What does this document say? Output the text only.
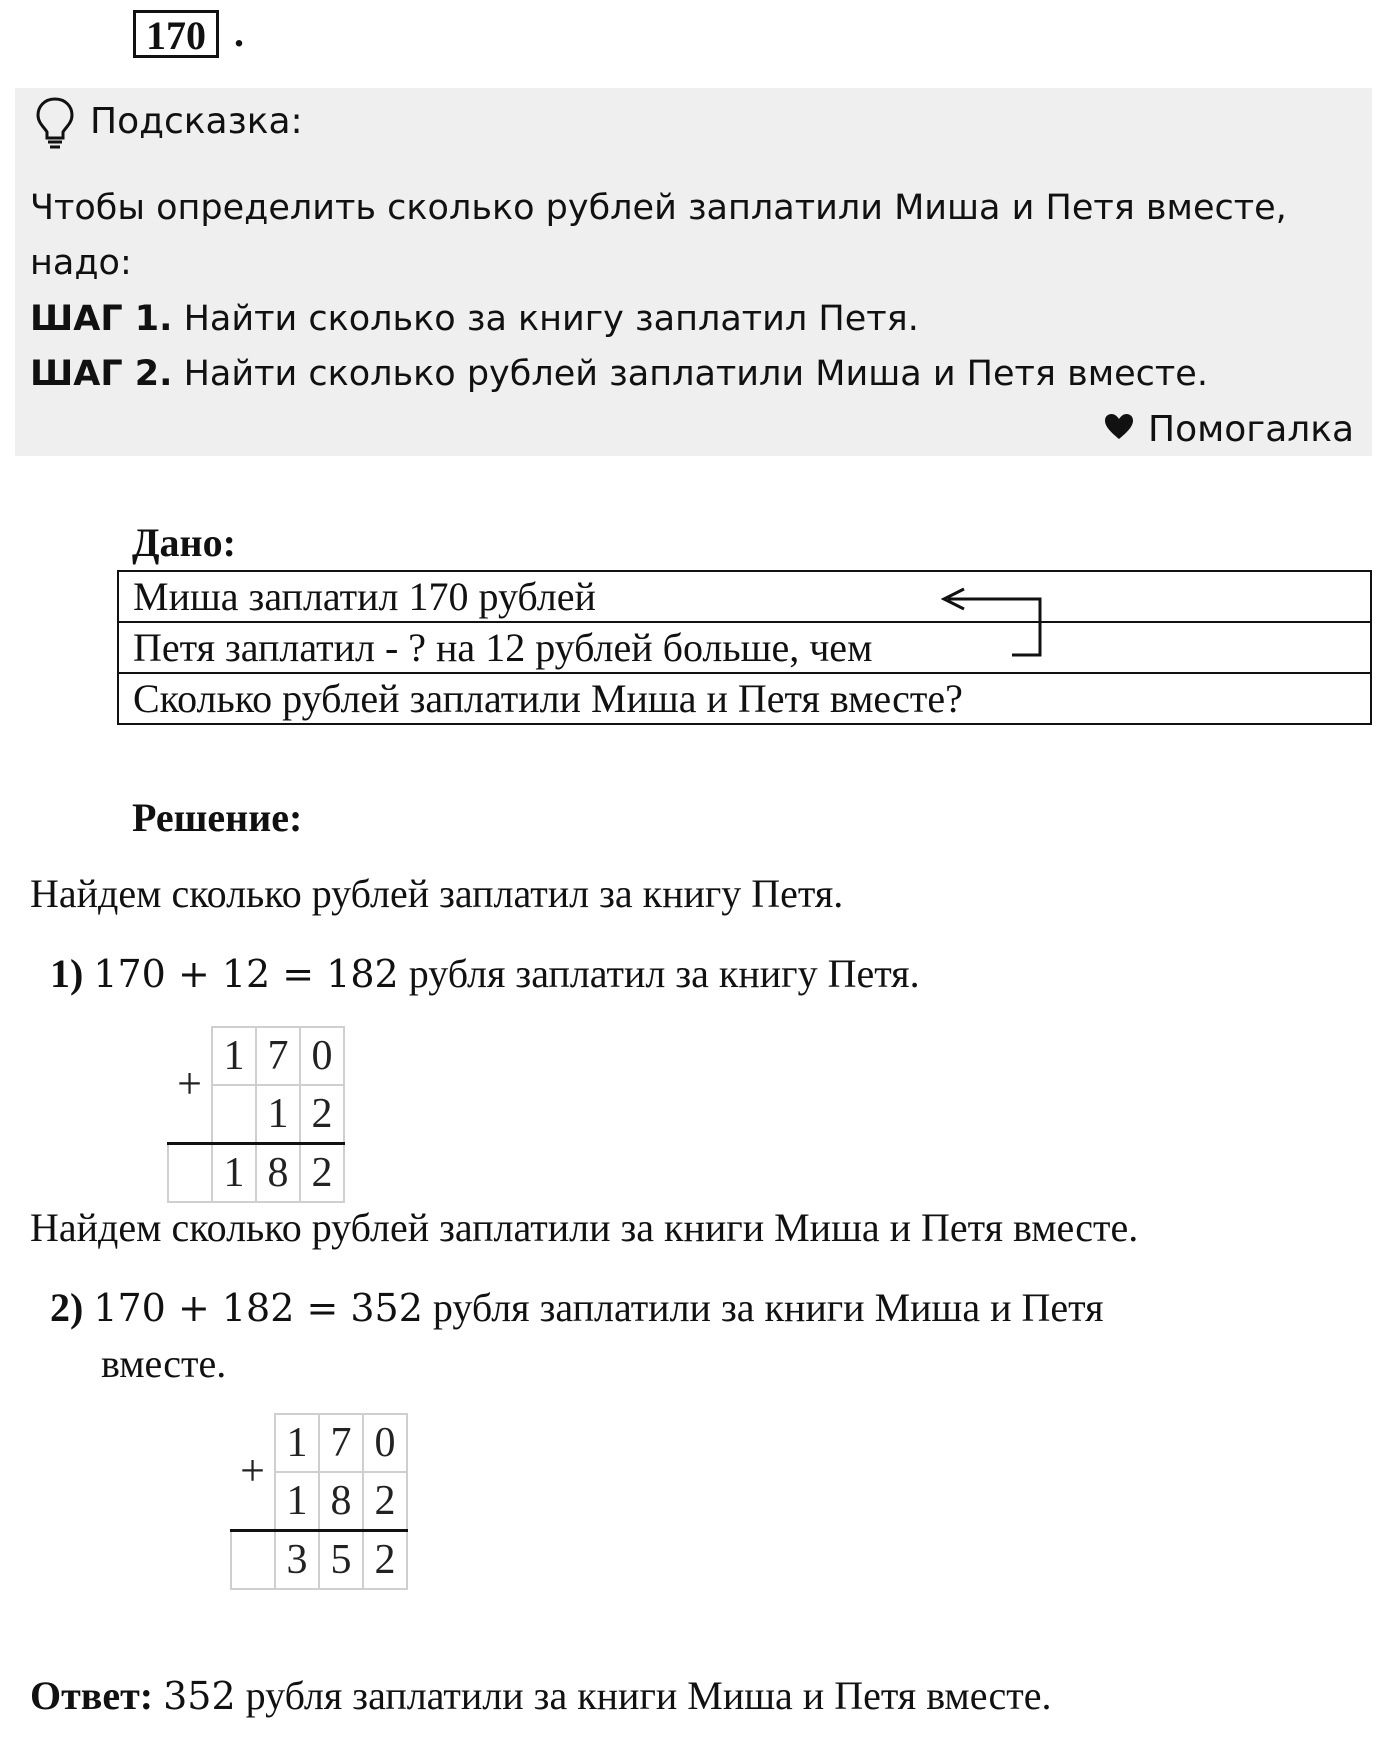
170 .
Подсказка:
Чтобы определить сколько рублей заплатили Миша и Петя вместе,
надо:
ШАГ 1. Найти сколько за книгу заплатил Петя.
ШАГ 2. Найти сколько рублей заплатили Миша и Петя вместе.
Помогалка
Дано:
Миша заплатил 170 рублей
Петя заплатил - ? на 12 рублей больше, чем
Сколько рублей заплатили Миша и Петя вместе?
Решение:
Найдем сколько рублей заплатил за книгу Петя.
1) 170 + 12 = 182 рубля заплатил за книгу Петя.
+	1	7	0
		1	2
	1	8	2
Найдем сколько рублей заплатили за книги Миша и Петя вместе.
2) 170 + 182 = 352 рубля заплатили за книги Миша и Петя
вместе.
+	1	7	0
	1	8	2
	3	5	2
Ответ: 352 рубля заплатили за книги Миша и Петя вместе.
